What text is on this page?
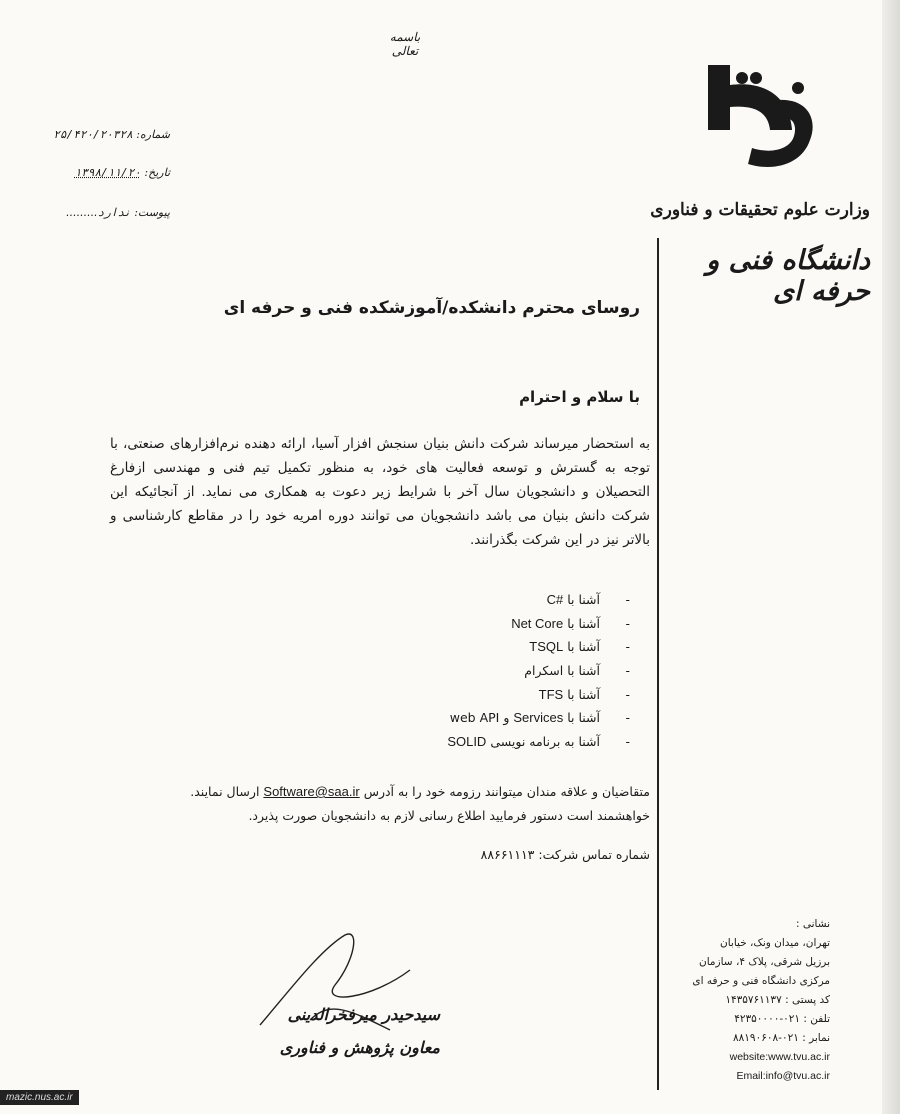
باسمه تعالی
شماره: ۲۵/۴۲۰/۲۰۳۲۸
تاریخ: ۱۳۹۸/۱۱/۲۰
پیوست: ندارد.........	وزارت علوم تحقیقات و فناوری
دانشگاه فنی و حرفه ای
روسای محترم دانشکده/آموزشکده فنی و حرفه ای
با سلام و احترام
به استحضار میرساند شرکت دانش بنیان سنجش افزار آسیا، ارائه دهنده نرم‌افزارهای صنعتی، با توجه به گسترش و توسعه فعالیت های خود، به منظور تکمیل تیم فنی و مهندسی ازفارغ التحصیلان و دانشجویان سال آخر با شرایط زیر دعوت به همکاری می نماید. از آنجائیکه این شرکت دانش بنیان می باشد دانشجویان می توانند دوره امریه خود را در مقاطع کارشناسی و بالاتر نیز در این شرکت بگذرانند.
-
آشنا با C#
-
آشنا با Net Core
-
آشنا با TSQL
-
آشنا با اسکرام
-
آشنا با TFS
-
آشنا با Services و web API
-
آشنا به برنامه نویسی SOLID
متقاضیان و علاقه مندان میتوانند رزومه خود را به آدرس Software@saa.ir ارسال نمایند.
خواهشمند است دستور فرمایید اطلاع رسانی لازم به دانشجویان صورت پذیرد.
شماره تماس شرکت: ۸۸۶۶۱۱۱۳
سیدحیدر میرفخرالدینی
معاون پژوهش و فناوری
نشانی :
تهران، میدان ونک، خیابان
برزیل شرقی، پلاک ۴، سازمان
مرکزی دانشگاه فنی و حرفه ای
کد پستی : ۱۴۳۵۷۶۱۱۳۷
تلفن : ۰۲۱-۴۲۳۵۰۰۰۰
نمابر : ۰۲۱-۸۸۱۹۰۶۰۸
website:www.tvu.ac.ir
Email:info@tvu.ac.ir
mazic.nus.ac.ir
